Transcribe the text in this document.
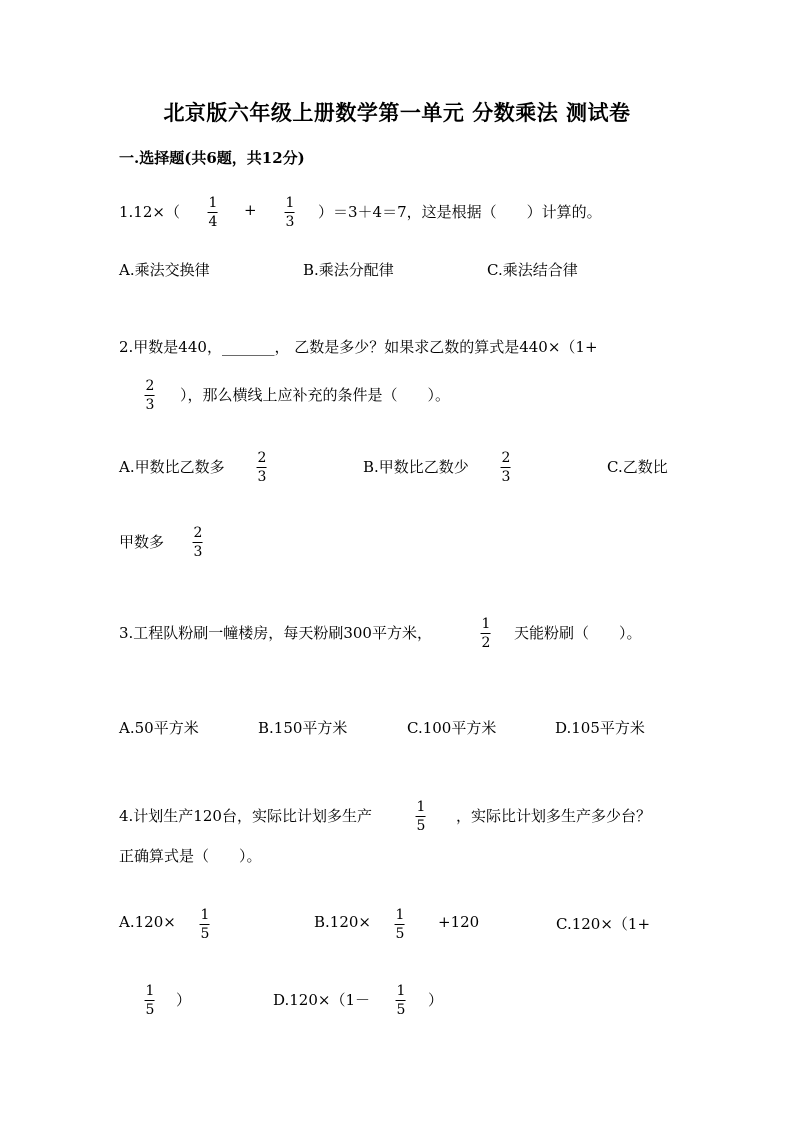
北京版六年级上册数学第一单元 分数乘法 测试卷
一.选择题(共6题，共12分)
1.12×（ 1
4
+ 1
3
）＝3＋4＝7，这是根据（　　）计算的。
A.乘法交换律	B.乘法分配律	C.乘法结合律
2.甲数是440，_______， 乙数是多少？如果求乙数的算式是440×（1+
2
3
），那么横线上应补充的条件是（　　）。
A.甲数比乙数多 2
3
B.甲数比乙数少 2
3
C.乙数比
甲数多 2
3
3.工程队粉刷一幢楼房，每天粉刷300平方米，	1
2
天能粉刷（　　）。
A.50平方米	B.150平方米	C.100平方米	D.105平方米
4.计划生产120台，实际比计划多生产	1
5
，实际比计划多生产多少台？
正确算式是（　　）。
A.120× 1
5
B.120× 1
5
+120	C.120×（1+
1
5
）	D.120×（1－ 1
5
）
